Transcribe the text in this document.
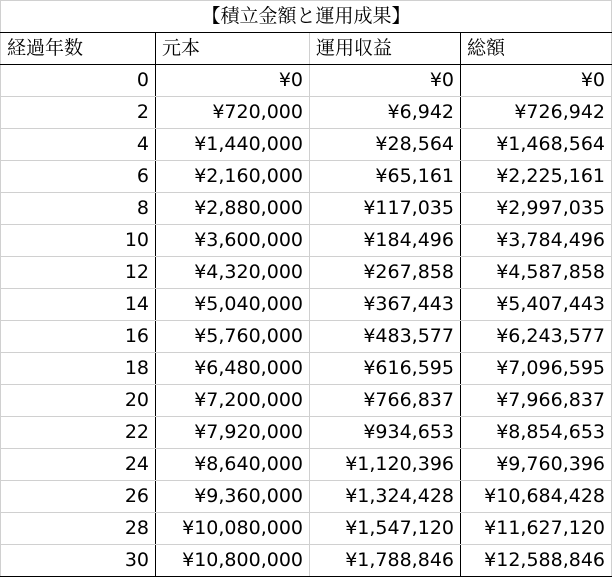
【積立金額と運用成果】			
経過年数	元本	運用収益	総額
0	¥0	¥0	¥0
2	¥720,000	¥6,942	¥726,942
4	¥1,440,000	¥28,564	¥1,468,564
6	¥2,160,000	¥65,161	¥2,225,161
8	¥2,880,000	¥117,035	¥2,997,035
10	¥3,600,000	¥184,496	¥3,784,496
12	¥4,320,000	¥267,858	¥4,587,858
14	¥5,040,000	¥367,443	¥5,407,443
16	¥5,760,000	¥483,577	¥6,243,577
18	¥6,480,000	¥616,595	¥7,096,595
20	¥7,200,000	¥766,837	¥7,966,837
22	¥7,920,000	¥934,653	¥8,854,653
24	¥8,640,000	¥1,120,396	¥9,760,396
26	¥9,360,000	¥1,324,428	¥10,684,428
28	¥10,080,000	¥1,547,120	¥11,627,120
30	¥10,800,000	¥1,788,846	¥12,588,846
